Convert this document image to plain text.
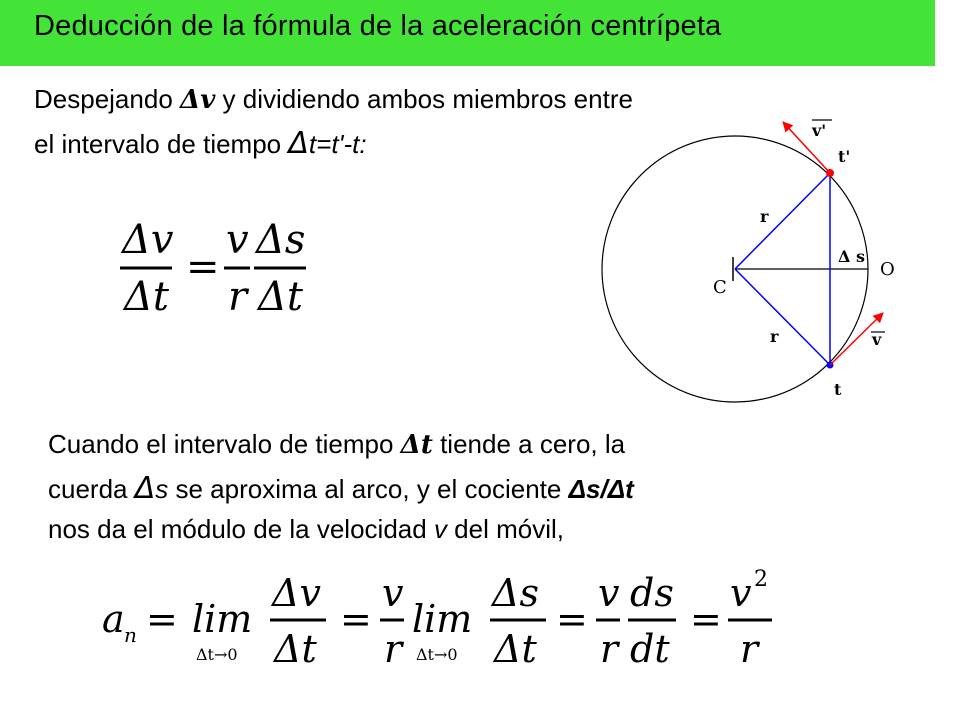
Deducción de la fórmula de la aceleración centrípeta
Despejando Δv y dividiendo ambos miembros entre
el intervalo de tiempo Δt=t'-t:
Cuando el intervalo de tiempo Δt tiende a cero, la
cuerda Δs se aproxima al arco, y el cociente Δs/Δt
nos da el módulo de la velocidad v del móvil,
Δv
Δt
=
v
r
Δs
Δt
v'
t'
r
Δ s
O
C
r	v
t
a n = lim
Δt→0
Δv
Δt
=
v
r
lim
Δt→0
Δs
Δt
=
v
r
ds
dt
=
v 2
r
